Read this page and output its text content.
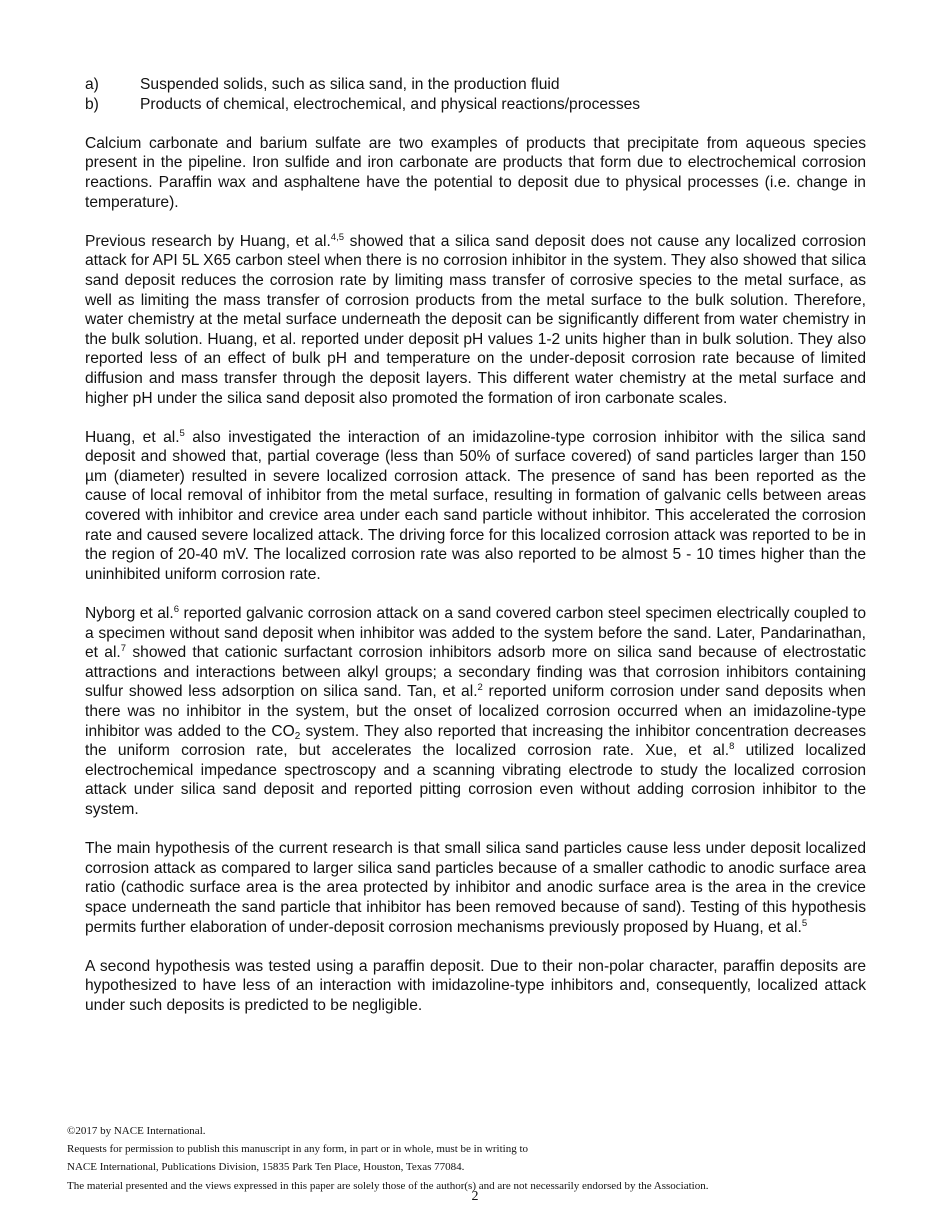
a)	Suspended solids, such as silica sand, in the production fluid
b)	Products of chemical, electrochemical, and physical reactions/processes

Calcium carbonate and barium sulfate are two examples of products that precipitate from aqueous species present in the pipeline. Iron sulfide and iron carbonate are products that form due to electrochemical corrosion reactions. Paraffin wax and asphaltene have the potential to deposit due to physical processes (i.e. change in temperature).

Previous research by Huang, et al.$^{4,5}$ showed that a silica sand deposit does not cause any localized corrosion attack for API 5L X65 carbon steel when there is no corrosion inhibitor in the system. They also showed that silica sand deposit reduces the corrosion rate by limiting mass transfer of corrosive species to the metal surface, as well as limiting the mass transfer of corrosion products from the metal surface to the bulk solution. Therefore, water chemistry at the metal surface underneath the deposit can be significantly different from water chemistry in the bulk solution. Huang, et al. reported under deposit pH values 1-2 units higher than in bulk solution. They also reported less of an effect of bulk pH and temperature on the under-deposit corrosion rate because of limited diffusion and mass transfer through the deposit layers. This different water chemistry at the metal surface and higher pH under the silica sand deposit also promoted the formation of iron carbonate scales.

Huang, et al.$^5$ also investigated the interaction of an imidazoline-type corrosion inhibitor with the silica sand deposit and showed that, partial coverage (less than 50% of surface covered) of sand particles larger than 150 µm (diameter) resulted in severe localized corrosion attack. The presence of sand has been reported as the cause of local removal of inhibitor from the metal surface, resulting in formation of galvanic cells between areas covered with inhibitor and crevice area under each sand particle without inhibitor. This accelerated the corrosion rate and caused severe localized attack. The driving force for this localized corrosion attack was reported to be in the region of 20-40 mV. The localized corrosion rate was also reported to be almost 5 - 10 times higher than the uninhibited uniform corrosion rate.

Nyborg et al.$^6$ reported galvanic corrosion attack on a sand covered carbon steel specimen electrically coupled to a specimen without sand deposit when inhibitor was added to the system before the sand. Later, Pandarinathan, et al.$^7$ showed that cationic surfactant corrosion inhibitors adsorb more on silica sand because of electrostatic attractions and interactions between alkyl groups; a secondary finding was that corrosion inhibitors containing sulfur showed less adsorption on silica sand. Tan, et al.$^2$ reported uniform corrosion under sand deposits when there was no inhibitor in the system, but the onset of localized corrosion occurred when an imidazoline-type inhibitor was added to the $CO_2$ system. They also reported that increasing the inhibitor concentration decreases the uniform corrosion rate, but accelerates the localized corrosion rate. Xue, et al.$^8$ utilized localized electrochemical impedance spectroscopy and a scanning vibrating electrode to study the localized corrosion attack under silica sand deposit and reported pitting corrosion even without adding corrosion inhibitor to the system.

The main hypothesis of the current research is that small silica sand particles cause less under deposit localized corrosion attack as compared to larger silica sand particles because of a smaller cathodic to anodic surface area ratio (cathodic surface area is the area protected by inhibitor and anodic surface area is the area in the crevice space underneath the sand particle that inhibitor has been removed because of sand). Testing of this hypothesis permits further elaboration of under-deposit corrosion mechanisms previously proposed by Huang, et al.$^5$

A second hypothesis was tested using a paraffin deposit. Due to their non-polar character, paraffin deposits are hypothesized to have less of an interaction with imidazoline-type inhibitors and, consequently, localized attack under such deposits is predicted to be negligible.

©2017 by NACE International.
Requests for permission to publish this manuscript in any form, in part or in whole, must be in writing to
NACE International, Publications Division, 15835 Park Ten Place, Houston, Texas 77084.
The material presented and the views expressed in this paper are solely those of the author(s) and are not necessarily endorsed by the Association.
2
